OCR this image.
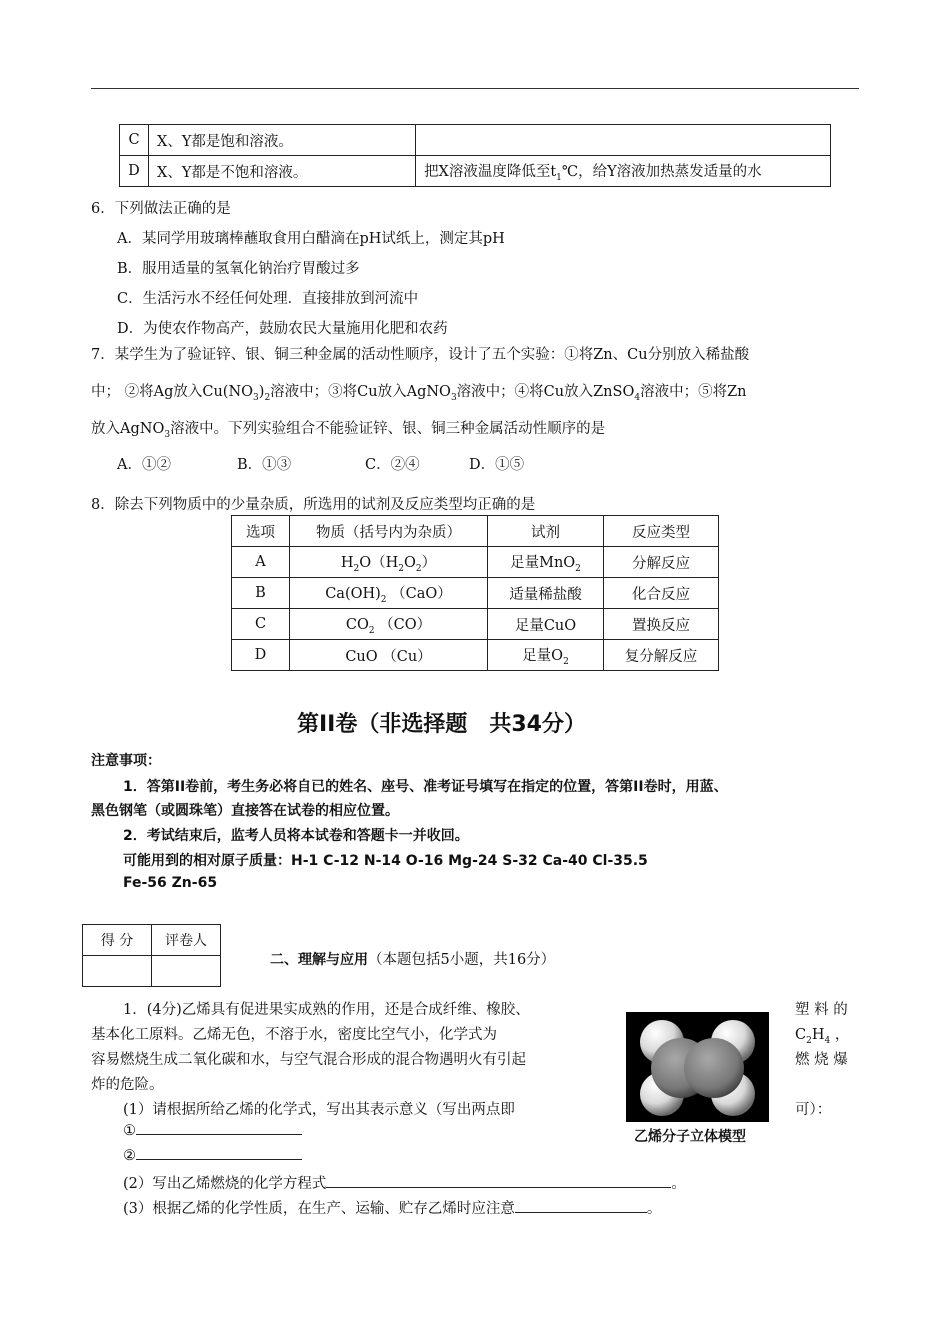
C	X、Y都是饱和溶液。	
D	X、Y都是不饱和溶液。	把X溶液温度降低至$t_1℃$，给Y溶液加热蒸发适量的水
6．下列做法正确的是
A．某同学用玻璃棒蘸取食用白醋滴在pH试纸上，测定其pH
B．服用适量的氢氧化钠治疗胃酸过多
C．生活污水不经任何处理．直接排放到河流中
D．为使农作物高产，鼓励农民大量施用化肥和农药
7．某学生为了验证锌、银、铜三种金属的活动性顺序，设计了五个实验：①将Zn、Cu分别放入稀盐酸
中； ②将Ag放入$Cu(NO_3)_2$溶液中；③将Cu放入AgNO$_3$溶液中；④将Cu放入ZnSO$_4$溶液中；⑤将Zn
放入AgNO$_3$溶液中。下列实验组合不能验证锌、银、铜三种金属活动性顺序的是
A．①②	B．①③	C．②④	D．①⑤
8．除去下列物质中的少量杂质，所选用的试剂及反应类型均正确的是
选项	物质（括号内为杂质）	试剂	反应类型
A	$H_2O(H_2O_2)$	足量MnO$_2$	分解反应
B	$Ca(OH)_2$ （CaO）	适量稀盐酸	化合反应
C	$CO_2$ （CO）	足量CuO	置换反应
D	CuO （Cu）	足量$O_2$	复分解反应
第II卷（非选择题　共34分）
注意事项：
1．答第II卷前，考生务必将自已的姓名、座号、准考证号填写在指定的位置，答第II卷时，用蓝、
黑色钢笔（或圆珠笔）直接答在试卷的相应位置。
2．考试结束后，监考人员将本试卷和答题卡一并收回。
可能用到的相对原子质量：H-1 C-12 N-14 O-16 Mg-24 S-32 Ca-40 Cl-35.5
Fe-56 Zn-65
得 分	评卷人

二、理解与应用（本题包括5小题，共16分）
1．(4分)乙烯具有促进果实成熟的作用，还是合成纤维、橡胶、	塑 料 的
基本化工原料。乙烯无色，不溶于水，密度比空气小，化学式为	$C_2H_4$ ，
容易燃烧生成二氧化碳和水，与空气混合形成的混合物遇明火有引起	燃 烧 爆
炸的危险。
(1）请根据所给乙烯的化学式，写出其表示意义（写出两点即	可）：
①
②
(2）写出乙烯燃烧的化学方程式	。
(3）根据乙烯的化学性质，在生产、运输、贮存乙烯时应注意	。
乙烯分子立体模型
